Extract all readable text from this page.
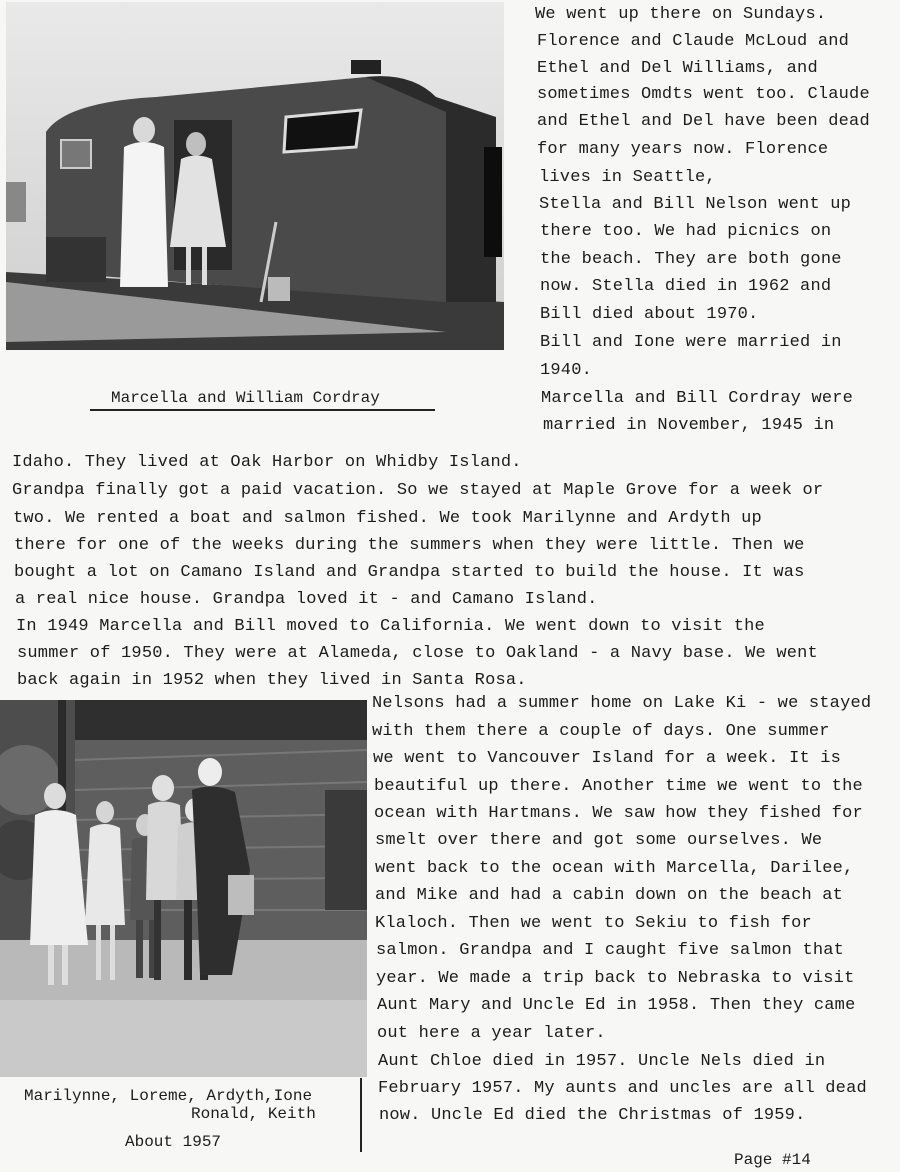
Marcella and William Cordray
We went up there on Sundays.
Florence and Claude McLoud and
Ethel and Del Williams, and
sometimes Omdts went too. Claude
and Ethel and Del have been dead
for many years now. Florence
lives in Seattle,
Stella and Bill Nelson went up
there too. We had picnics on
the beach. They are both gone
now. Stella died in 1962 and
Bill died about 1970.
Bill and Ione were married in
1940.
Marcella and Bill Cordray were
married in November, 1945 in
Idaho. They lived at Oak Harbor on Whidby Island.
Grandpa finally got a paid vacation. So we stayed at Maple Grove for a week or
two. We rented a boat and salmon fished. We took Marilynne and Ardyth up
there for one of the weeks during the summers when they were little. Then we
bought a lot on Camano Island and Grandpa started to build the house. It was
a real nice house. Grandpa loved it - and Camano Island.
In 1949 Marcella and Bill moved to California. We went down to visit the
summer of 1950. They were at Alameda, close to Oakland - a Navy base. We went
back again in 1952 when they lived in Santa Rosa.
Marilynne, Loreme, Ardyth,Ione
Ronald, Keith
About 1957
Nelsons had a summer home on Lake Ki - we stayed
with them there a couple of days. One summer
we went to Vancouver Island for a week. It is
beautiful up there. Another time we went to the
ocean with Hartmans. We saw how they fished for
smelt over there and got some ourselves. We
went back to the ocean with Marcella, Darilee,
and Mike and had a cabin down on the beach at
Klaloch. Then we went to Sekiu to fish for
salmon. Grandpa and I caught five salmon that
year. We made a trip back to Nebraska to visit
Aunt Mary and Uncle Ed in 1958. Then they came
out here a year later.
Aunt Chloe died in 1957. Uncle Nels died in
February 1957. My aunts and uncles are all dead
now. Uncle Ed died the Christmas of 1959.
Page #14
